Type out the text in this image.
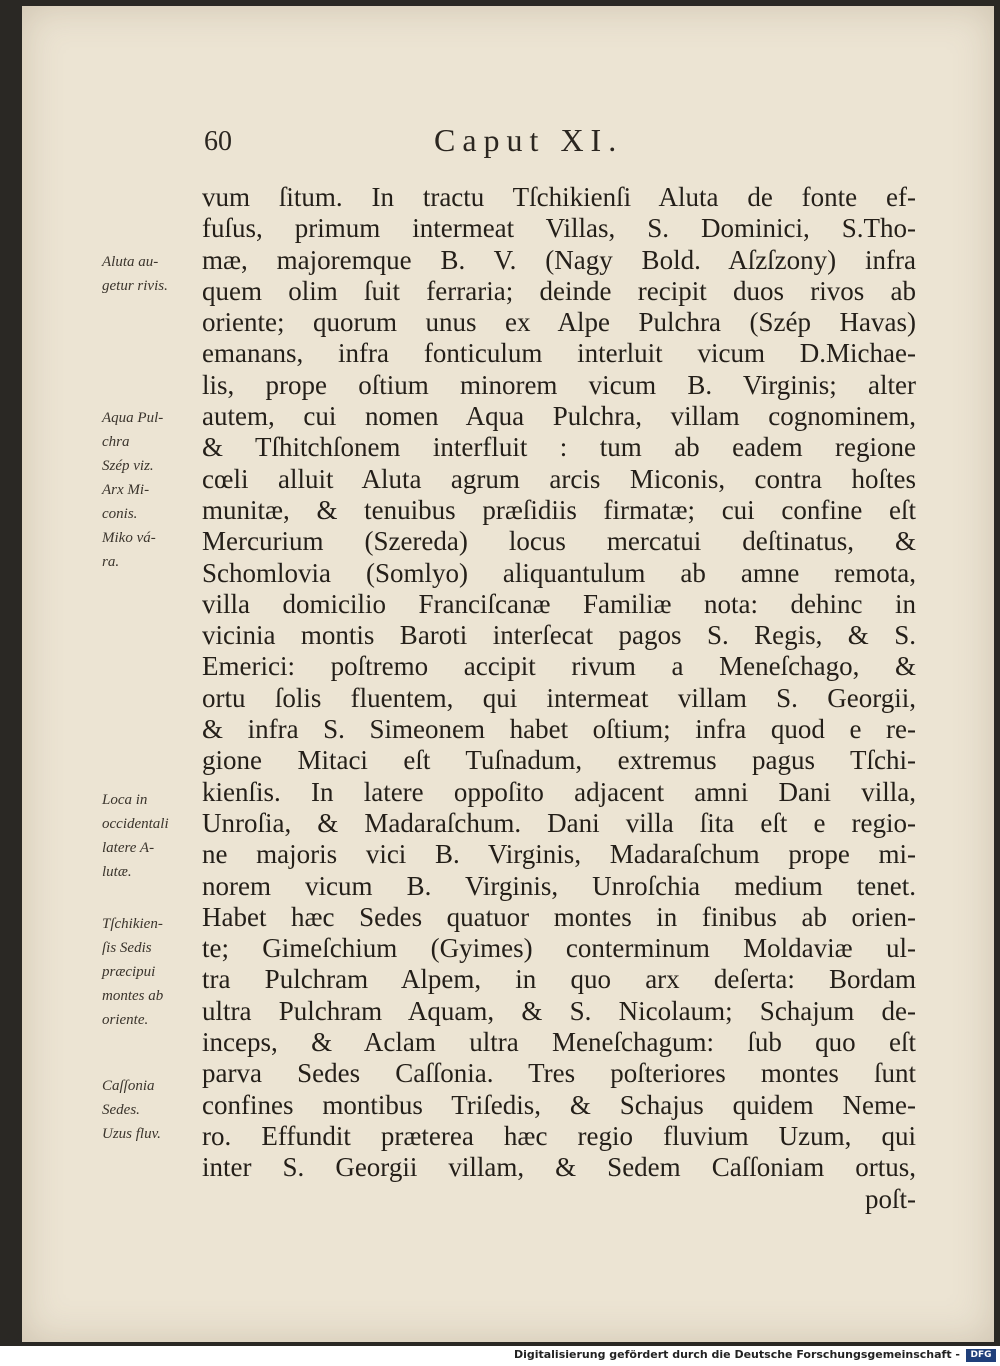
60	Caput XI.
vum ſitum. In tractu Tſchikienſi Aluta de fonte ef-
fuſus, primum intermeat Villas, S. Dominici, S.Tho-
mæ, majoremque B. V. (Nagy Bold. Aſzſzony) infra
quem olim ſuit ferraria; deinde recipit duos rivos ab
oriente; quorum unus ex Alpe Pulchra (Szép Havas)
emanans, infra fonticulum interluit vicum D.Michae-
lis, prope oſtium minorem vicum B. Virginis; alter
autem, cui nomen Aqua Pulchra, villam cognominem,
& Tſhitchſonem interfluit : tum ab eadem regione
cœli alluit Aluta agrum arcis Miconis, contra hoſtes
munitæ, & tenuibus præſidiis firmatæ; cui confine eſt
Mercurium (Szereda) locus mercatui deſtinatus, &
Schomlovia (Somlyo) aliquantulum ab amne remota,
villa domicilio Franciſcanæ Familiæ nota: dehinc in
vicinia montis Baroti interſecat pagos S. Regis, & S.
Emerici: poſtremo accipit rivum a Meneſchago, &
ortu ſolis fluentem, qui intermeat villam S. Georgii,
& infra S. Simeonem habet oſtium; infra quod e re-
gione Mitaci eſt Tuſnadum, extremus pagus Tſchi-
kienſis. In latere oppoſito adjacent amni Dani villa,
Unroſia, & Madaraſchum. Dani villa ſita eſt e regio-
ne majoris vici B. Virginis, Madaraſchum prope mi-
norem vicum B. Virginis, Unroſchia medium tenet.
Habet hæc Sedes quatuor montes in finibus ab orien-
te; Gimeſchium (Gyimes) conterminum Moldaviæ ul-
tra Pulchram Alpem, in quo arx deſerta: Bordam
ultra Pulchram Aquam, & S. Nicolaum; Schajum de-
inceps, & Aclam ultra Meneſchagum: ſub quo eſt
parva Sedes Caſſonia. Tres poſteriores montes ſunt
confines montibus Triſedis, & Schajus quidem Neme-
ro. Effundit præterea hæc regio fluvium Uzum, qui
inter S. Georgii villam, & Sedem Caſſoniam ortus,
poſt-
Aluta au-
getur rivis.
Aqua Pul-
chra
Szép viz.
Arx Mi-
conis.
Miko vá-
ra.
Loca in
occidentali
latere A-
lutæ.
Tſchikien-
ſis Sedis
præcipui
montes ab
oriente.
Caſſonia
Sedes.
Uzus fluv.
Digitalisierung gefördert durch die Deutsche Forschungsgemeinschaft -	DFG
